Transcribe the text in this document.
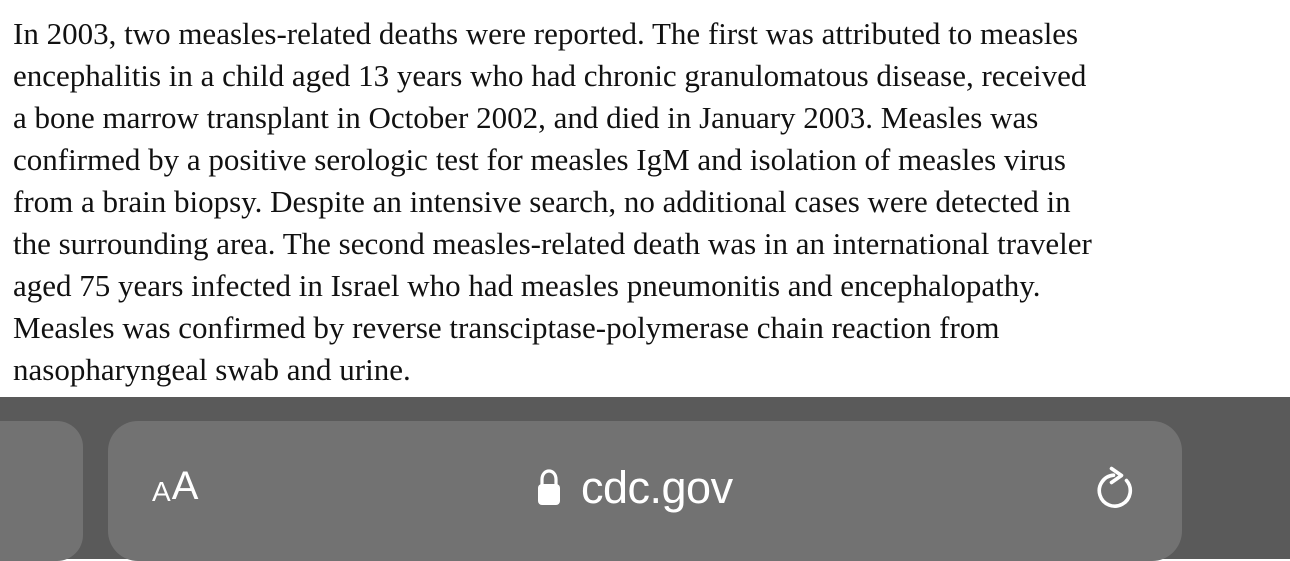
In 2003, two measles-related deaths were reported. The first was attributed to measles
encephalitis in a child aged 13 years who had chronic granulomatous disease, received
a bone marrow transplant in October 2002, and died in January 2003. Measles was
confirmed by a positive serologic test for measles IgM and isolation of measles virus
from a brain biopsy. Despite an intensive search, no additional cases were detected in
the surrounding area. The second measles-related death was in an international traveler
aged 75 years infected in Israel who had measles pneumonitis and encephalopathy.
Measles was confirmed by reverse transciptase-polymerase chain reaction from
nasopharyngeal swab and urine.

A A	cdc.gov
